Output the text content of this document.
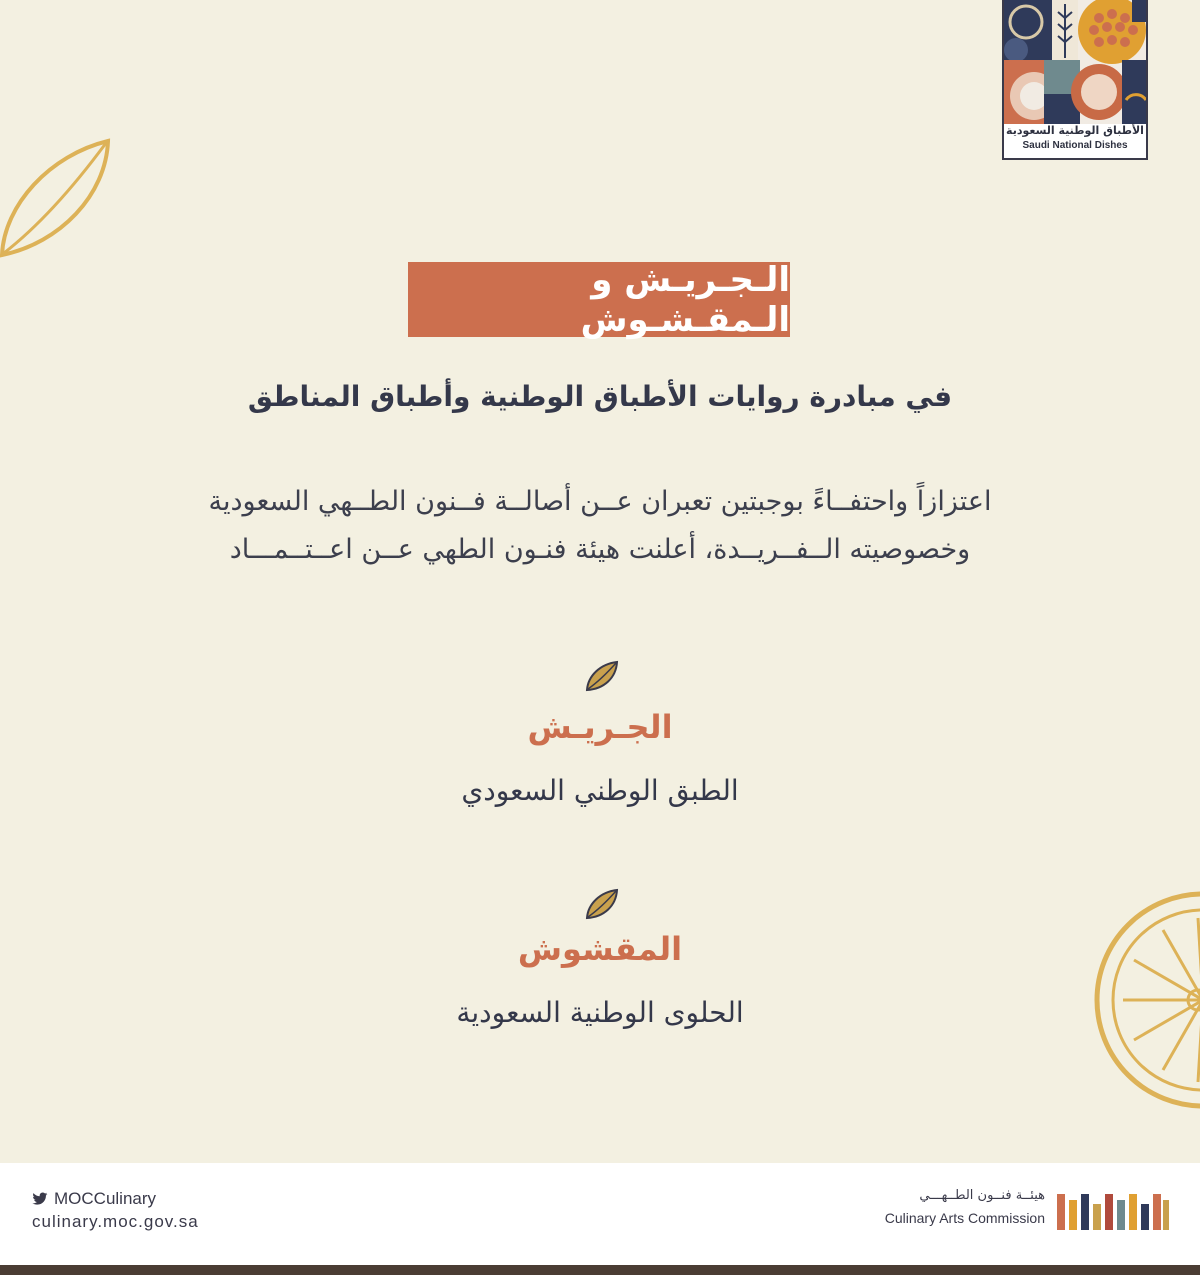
الأطباق الوطنية السعودية
Saudi National Dishes
الـجـريـش و الـمقـشـوش
في مبادرة روايات الأطباق الوطنية وأطباق المناطق
اعتزازاً واحتفــاءً بوجبتين تعبران عــن أصالــة فــنون الطــهي السعودية
وخصوصيته الــفــريــدة، أعلنت هيئة فنـون الطهي عــن اعــتــمـــاد
الجـريـش
الطبق الوطني السعودي
المقشوش
الحلوى الوطنية السعودية
MOCCulinary
culinary.moc.gov.sa
هيئــة فنــون الطــهـــي
Culinary Arts Commission
